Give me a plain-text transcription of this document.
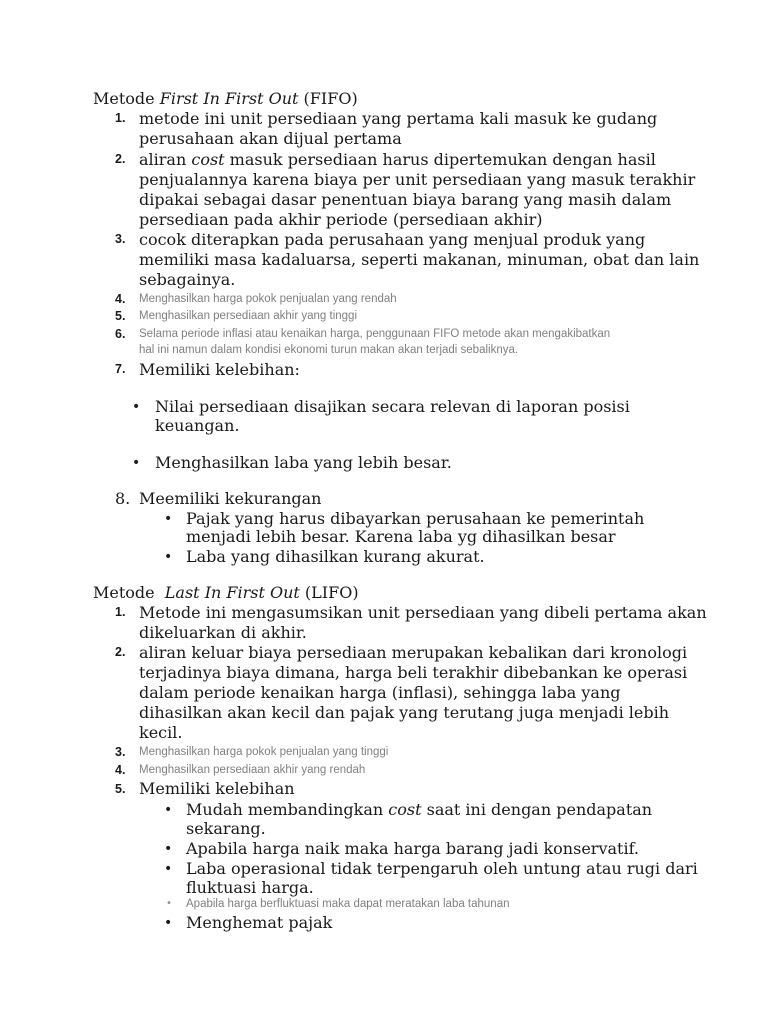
Metode First In First Out (FIFO)
1. metode ini unit persediaan yang pertama kali masuk ke gudang
perusahaan akan dijual pertama
2. aliran cost masuk persediaan harus dipertemukan dengan hasil
penjualannya karena biaya per unit persediaan yang masuk terakhir
dipakai sebagai dasar penentuan biaya barang yang masih dalam
persediaan pada akhir periode (persediaan akhir)
3. cocok diterapkan pada perusahaan yang menjual produk yang
memiliki masa kadaluarsa, seperti makanan, minuman, obat dan lain
sebagainya.
4. Menghasilkan harga pokok penjualan yang rendah
5. Menghasilkan persediaan akhir yang tinggi
6. Selama periode inflasi atau kenaikan harga, penggunaan FIFO metode akan mengakibatkan
hal ini namun dalam kondisi ekonomi turun makan akan terjadi sebaliknya.
7. Memiliki kelebihan:
• Nilai persediaan disajikan secara relevan di laporan posisi
keuangan.
• Menghasilkan laba yang lebih besar.
8. Meemiliki kekurangan
• Pajak yang harus dibayarkan perusahaan ke pemerintah
menjadi lebih besar. Karena laba yg dihasilkan besar
• Laba yang dihasilkan kurang akurat.
Metode  Last In First Out (LIFO)
1. Metode ini mengasumsikan unit persediaan yang dibeli pertama akan
dikeluarkan di akhir.
2. aliran keluar biaya persediaan merupakan kebalikan dari kronologi
terjadinya biaya dimana, harga beli terakhir dibebankan ke operasi
dalam periode kenaikan harga (inflasi), sehingga laba yang
dihasilkan akan kecil dan pajak yang terutang juga menjadi lebih
kecil.
3. Menghasilkan harga pokok penjualan yang tinggi
4. Menghasilkan persediaan akhir yang rendah
5. Memiliki kelebihan
• Mudah membandingkan cost saat ini dengan pendapatan
sekarang.
• Apabila harga naik maka harga barang jadi konservatif.
• Laba operasional tidak terpengaruh oleh untung atau rugi dari
fluktuasi harga.
• Apabila harga berfluktuasi maka dapat meratakan laba tahunan
• Menghemat pajak
